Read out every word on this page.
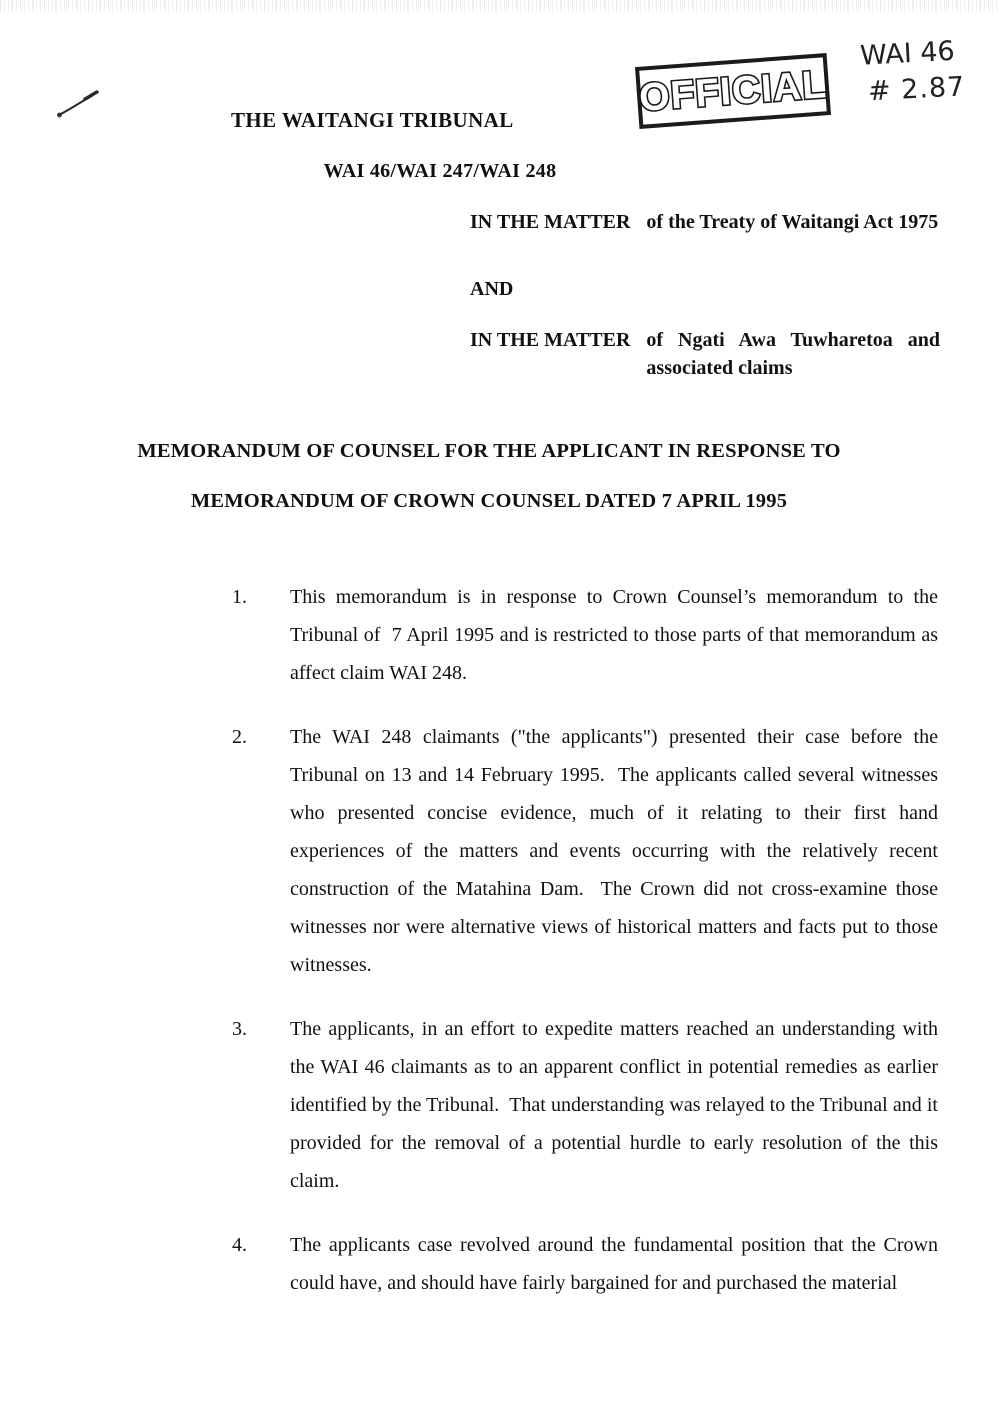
THE WAITANGI TRIBUNAL
OFFICIAL
WAI 46
# 2.87
WAI 46/WAI 247/WAI 248
IN THE MATTER of the Treaty of Waitangi Act 1975
AND
IN THE MATTER of Ngati Awa Tuwharetoa and associated claims
MEMORANDUM OF COUNSEL FOR THE APPLICANT IN RESPONSE TO
MEMORANDUM OF CROWN COUNSEL DATED 7 APRIL 1995
1.	This memorandum is in response to Crown Counsel’s memorandum to the Tribunal of  7 April 1995 and is restricted to those parts of that memorandum as affect claim WAI 248.
2.	The WAI 248 claimants ("the applicants") presented their case before the Tribunal on 13 and 14 February 1995.  The applicants called several witnesses who presented concise evidence, much of it relating to their first hand experiences of the matters and events occurring with the relatively recent construction of the Matahina Dam.  The Crown did not cross-examine those witnesses nor were alternative views of historical matters and facts put to those witnesses.
3.	The applicants, in an effort to expedite matters reached an understanding with the WAI 46 claimants as to an apparent conflict in potential remedies as earlier identified by the Tribunal.  That understanding was relayed to the Tribunal and it provided for the removal of a potential hurdle to early resolution of the this claim.
4.	The applicants case revolved around the fundamental position that the Crown could have, and should have fairly bargained for and purchased the material
